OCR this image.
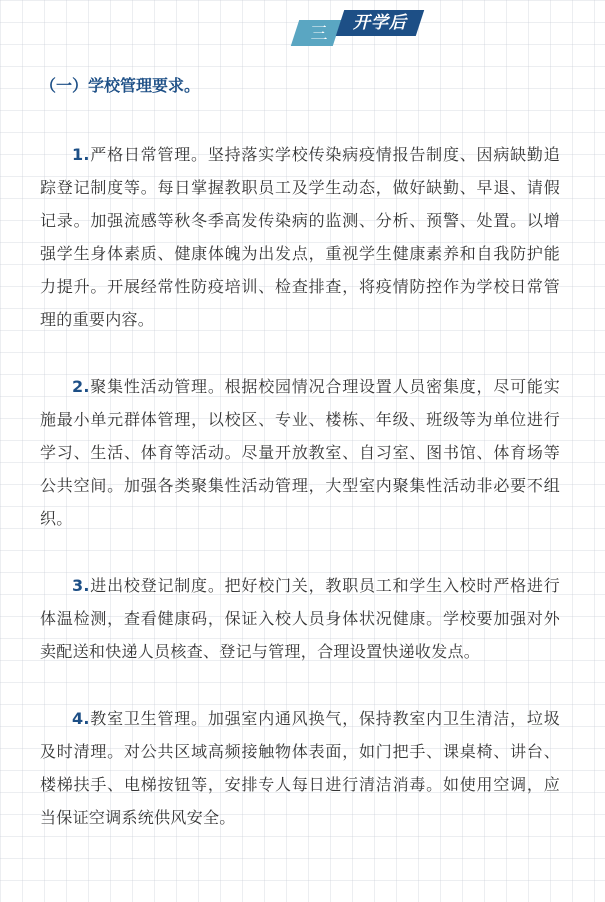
三
开学后
（一）学校管理要求。

1.严格日常管理。坚持落实学校传染病疫情报告制度、因病缺勤追踪登记制度等。每日掌握教职员工及学生动态，做好缺勤、早退、请假记录。加强流感等秋冬季高发传染病的监测、分析、预警、处置。以增强学生身体素质、健康体魄为出发点，重视学生健康素养和自我防护能力提升。开展经常性防疫培训、检查排查，将疫情防控作为学校日常管理的重要内容。

2.聚集性活动管理。根据校园情况合理设置人员密集度，尽可能实施最小单元群体管理，以校区、专业、楼栋、年级、班级等为单位进行学习、生活、体育等活动。尽量开放教室、自习室、图书馆、体育场等公共空间。加强各类聚集性活动管理，大型室内聚集性活动非必要不组织。

3.进出校登记制度。把好校门关，教职员工和学生入校时严格进行体温检测，查看健康码，保证入校人员身体状况健康。学校要加强对外卖配送和快递人员核查、登记与管理，合理设置快递收发点。

4.教室卫生管理。加强室内通风换气，保持教室内卫生清洁，垃圾及时清理。对公共区域高频接触物体表面，如门把手、课桌椅、讲台、楼梯扶手、电梯按钮等，安排专人每日进行清洁消毒。如使用空调，应当保证空调系统供风安全。
